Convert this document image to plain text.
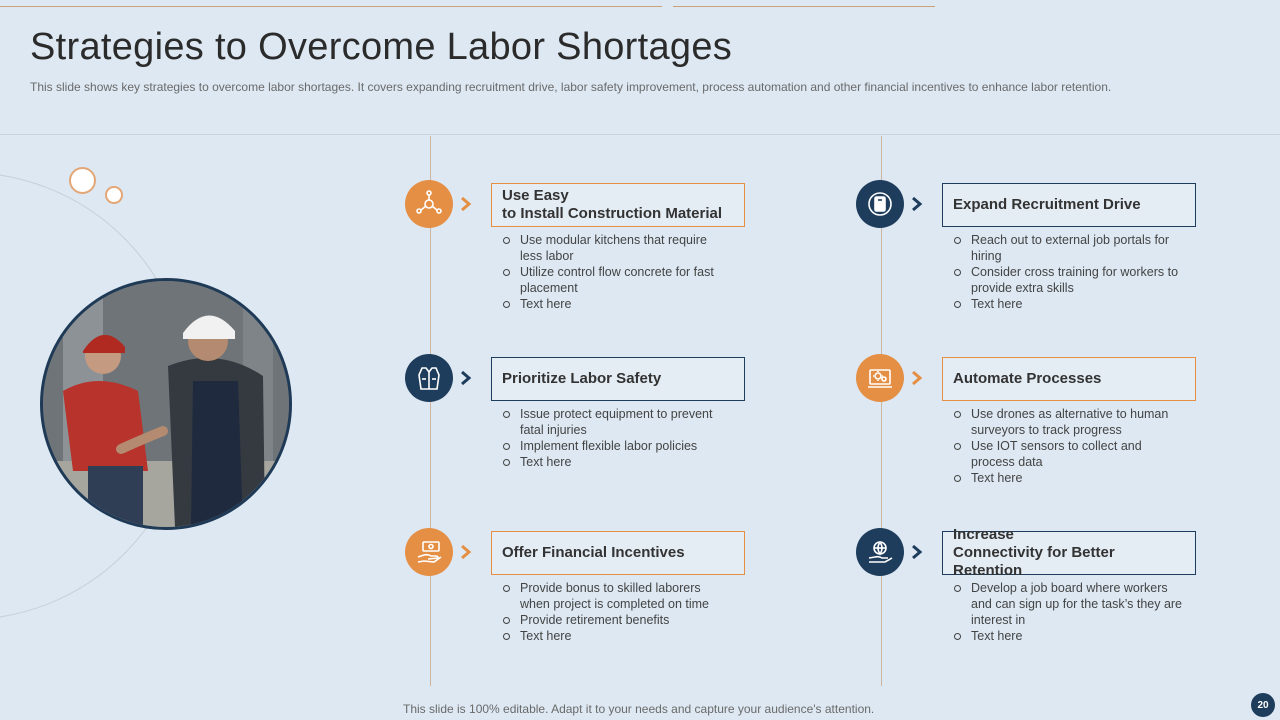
Strategies to Overcome Labor Shortages
This slide shows key strategies to overcome labor shortages. It covers expanding recruitment drive, labor safety improvement, process automation and other financial incentives to enhance labor retention.
Use Easy
to Install Construction Material
Use modular kitchens that require less labor
Utilize control flow concrete for fast placement
Text here
Prioritize Labor Safety
Issue protect equipment to prevent fatal injuries
Implement flexible labor policies
Text here
Offer Financial Incentives
Provide bonus to skilled laborers when project is completed on time
Provide retirement benefits
Text here
Expand Recruitment Drive
Reach out to external job portals for hiring
Consider cross training for workers to provide extra skills
Text here
Automate Processes
Use drones as alternative to human surveyors to track progress
Use IOT sensors to collect and process data
Text here
Increase
Connectivity for Better Retention
Develop a job board where workers and can sign up for the task’s they are interest in
Text here
This slide is 100% editable. Adapt it to your needs and capture your audience's attention.	20
